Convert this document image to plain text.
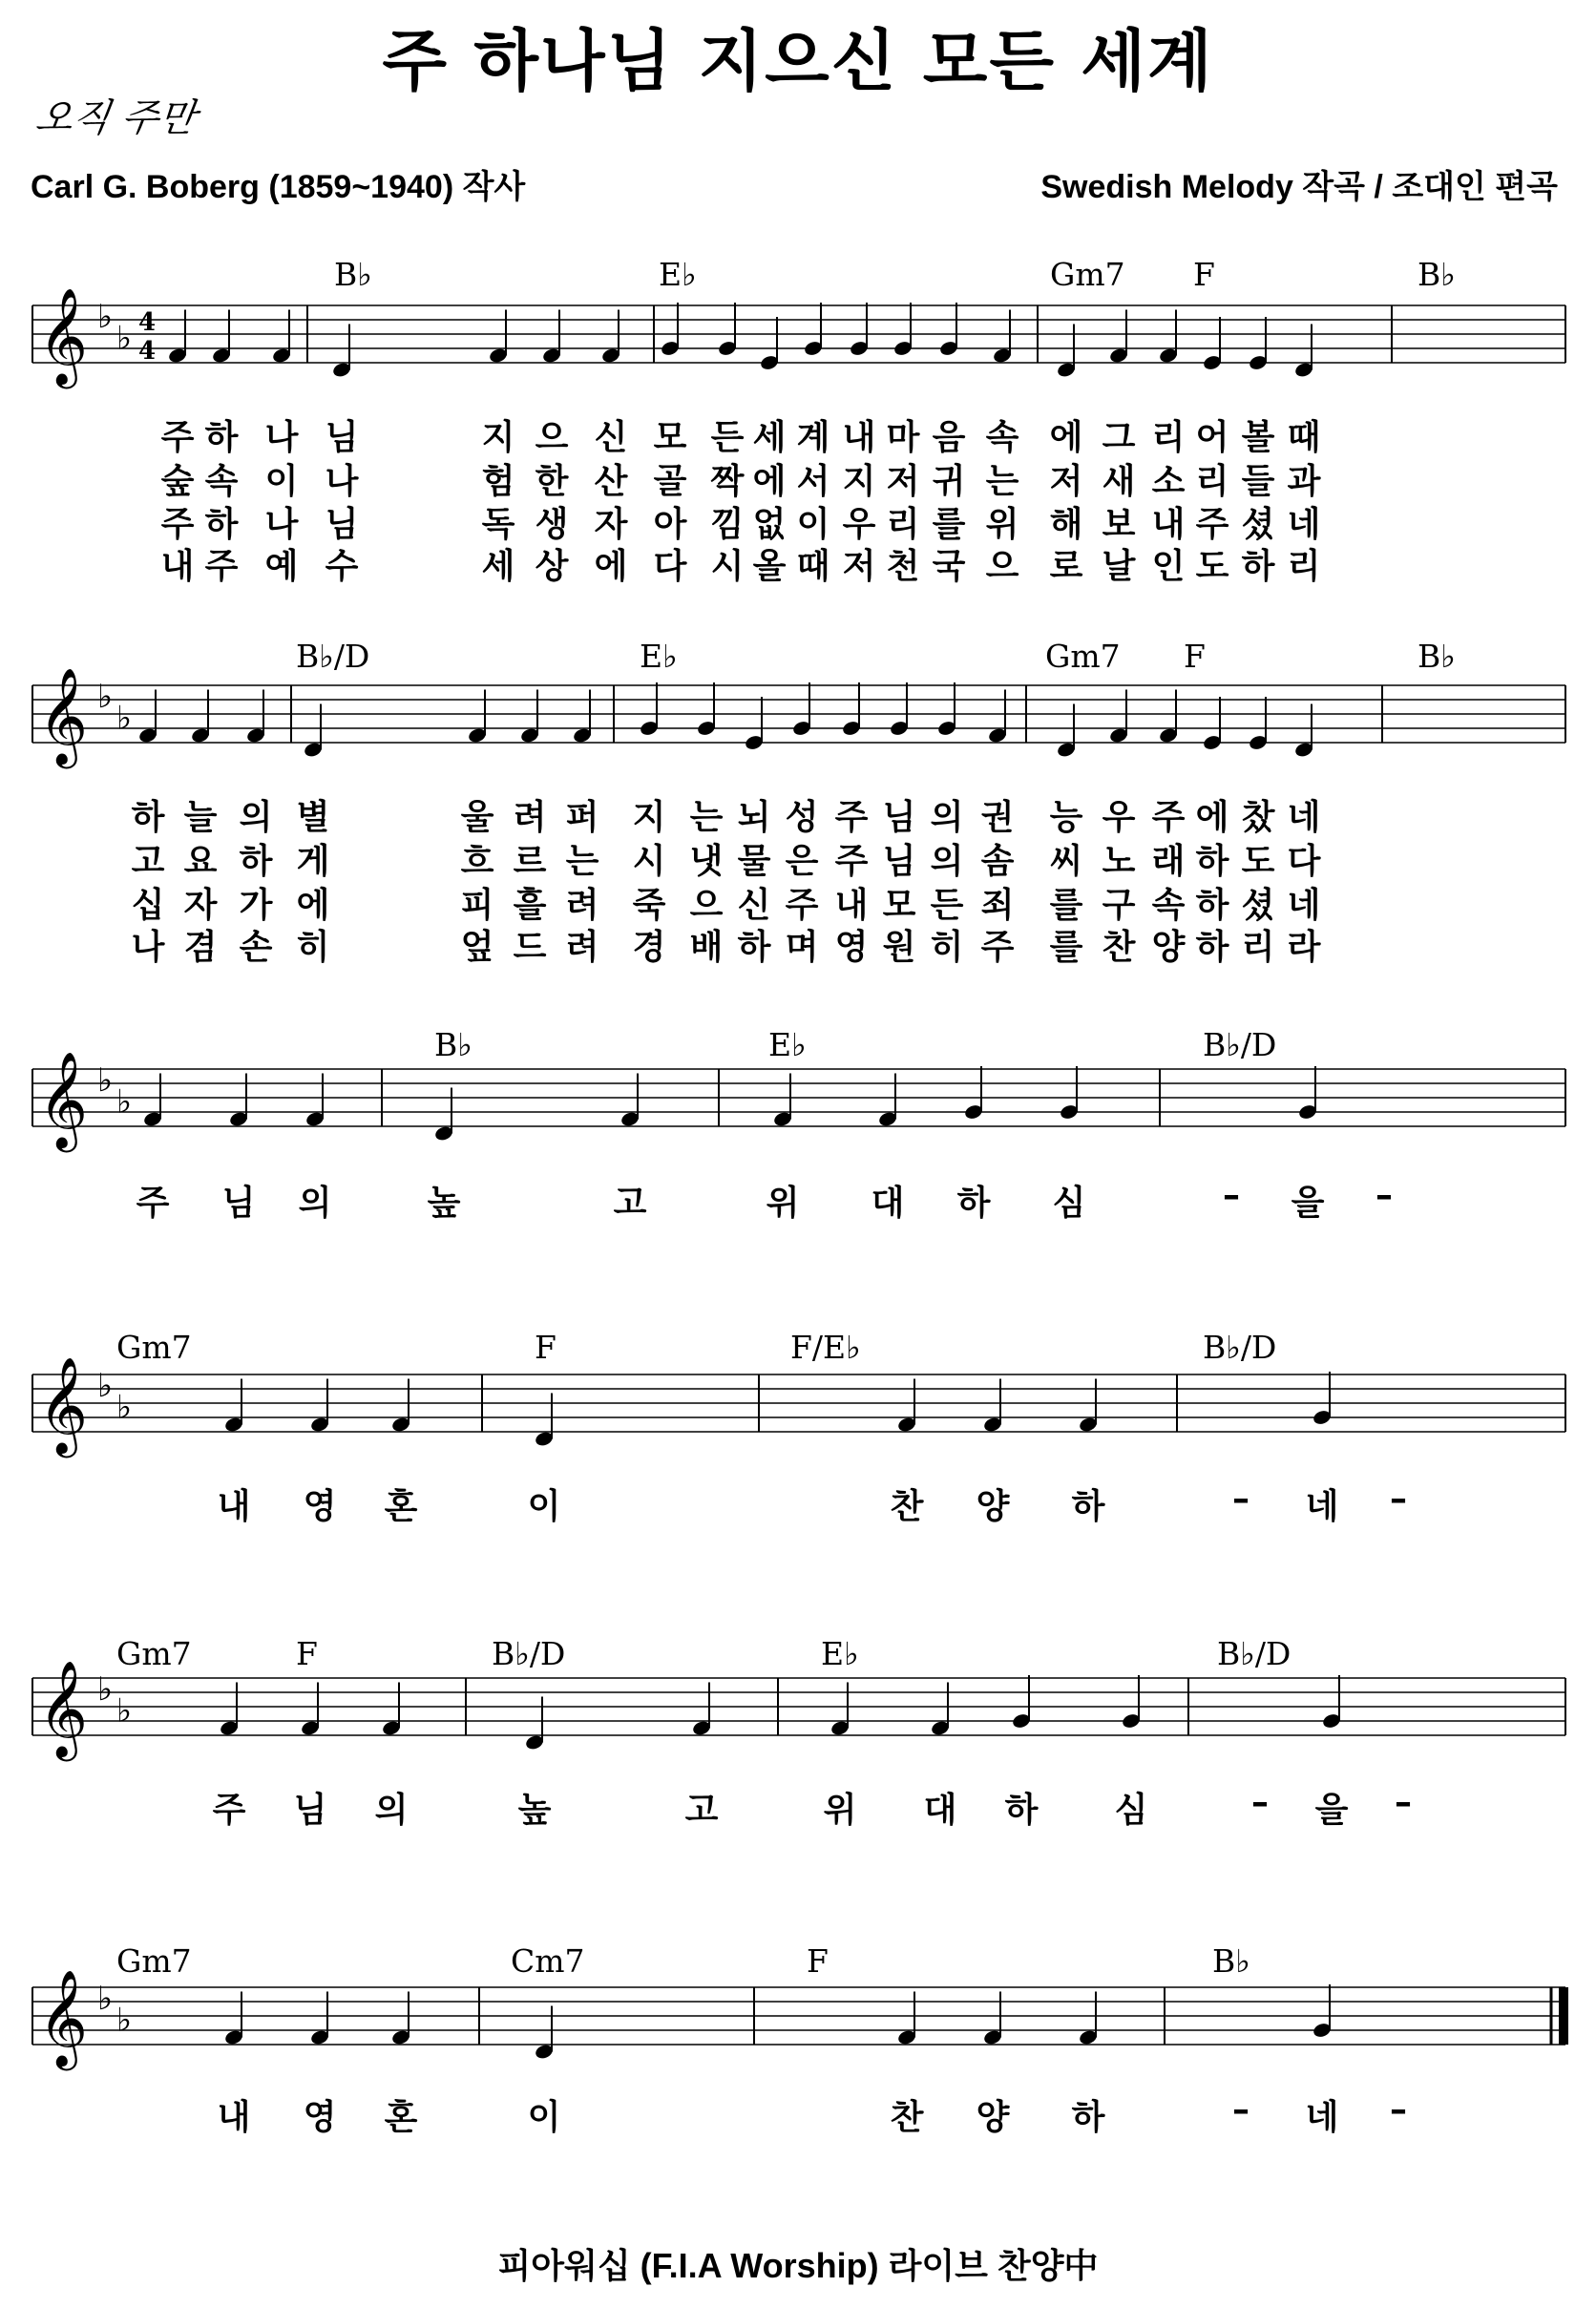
주 하나님 지으신 모든 세계
오직 주만
Carl G. Boberg (1859~1940) 작사	Swedish Melody 작곡 / 조대인 편곡
𝄞 ♭
♭ 4
4
B♭	E♭	Gm7 F	B♭
주 하 나 님	지 으 신 모 든 세 계 내 마 음 속 에 그 리 어 볼 때
숲 속 이 나	험 한 산 골 짝 에 서 지 저 귀 는 저 새 소 리 들 과
주 하 나 님	독 생 자 아 낌 없 이 우 리 를 위 해 보 내 주 셨 네
내 주 예 수	세 상 에 다 시 올 때 저 천 국 으 로 날 인 도 하 리
𝄞 ♭
♭
B♭/D	E♭	Gm7 F	B♭
하 늘 의 별	울 려 퍼 지 는 뇌 성 주 님 의 권 능 우 주 에 찼 네
고 요 하 게	흐 르 는 시 냇 물 은 주 님 의 솜 씨 노 래 하 도 다
십 자 가 에	피 흘 려 죽 으 신 주 내 모 든 죄 를 구 속 하 셨 네
나 겸 손 히	엎 드 려 경 배 하 며 영 원 히 주 를 찬 양 하 리 라
𝄞 ♭
♭
B♭	E♭	B♭/D
주 님 의	높	고	위 대 하 심	– 을 –
𝄞 ♭
♭
Gm7	F	F/E♭	B♭/D
내 영 혼	이	찬 양 하	– 네 –
𝄞 ♭
♭
Gm7	F	B♭/D	E♭	B♭/D
주 님 의	높	고	위 대 하 심	– 을 –
𝄞 ♭
♭
Gm7	Cm7	F	B♭
내 영 혼	이	찬 양 하	– 네 –
피아워십 (F.I.A Worship) 라이브 찬양中
